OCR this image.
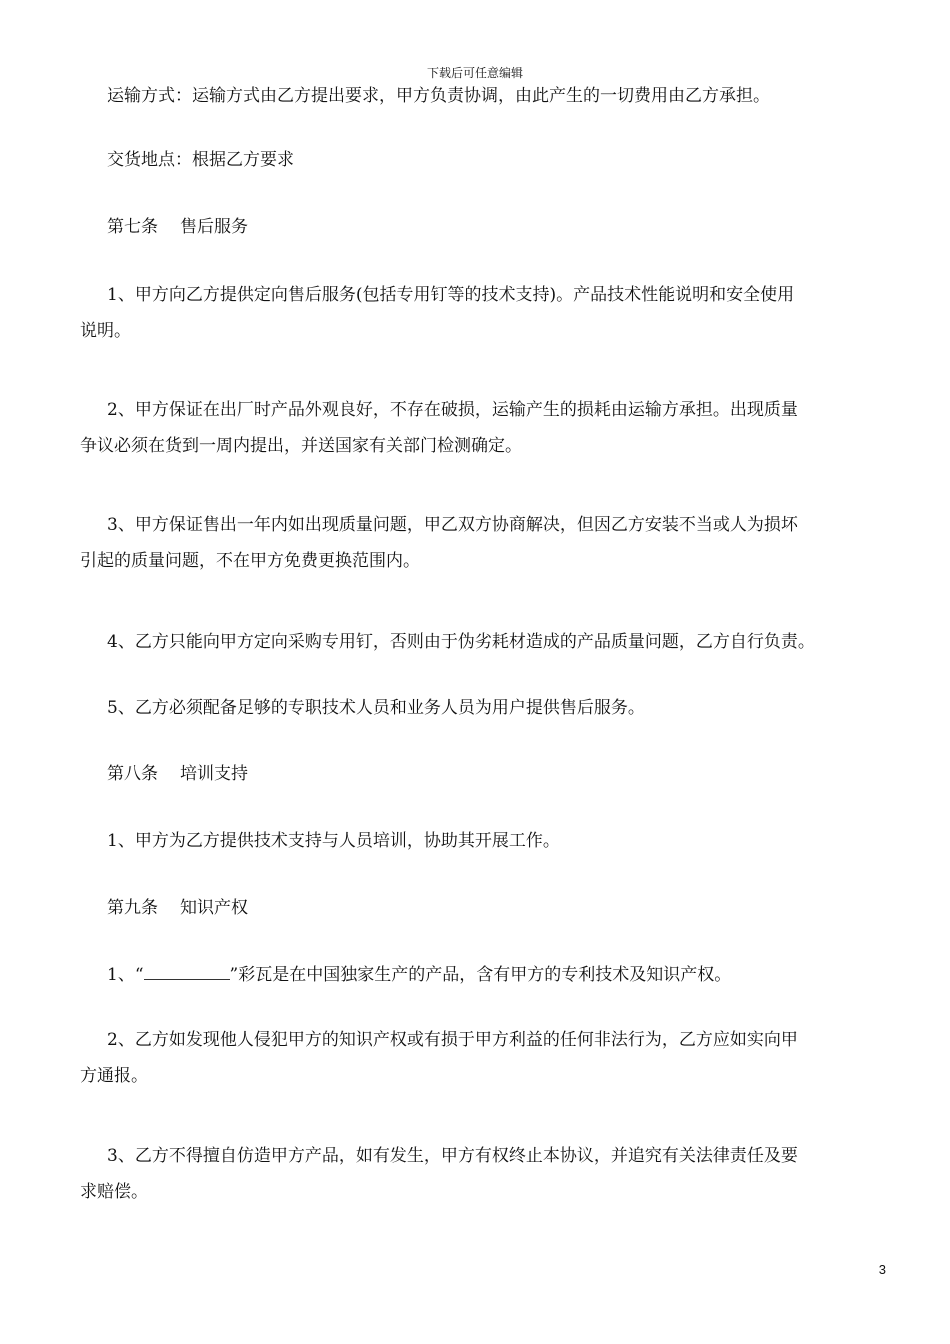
下载后可任意编辑
运输方式：运输方式由乙方提出要求，甲方负责协调，由此产生的一切费用由乙方承担。
交货地点：根据乙方要求
第七条 售后服务
1、甲方向乙方提供定向售后服务(包括专用钉等的技术支持)。产品技术性能说明和安全使用
说明。
2、甲方保证在出厂时产品外观良好，不存在破损，运输产生的损耗由运输方承担。出现质量
争议必须在货到一周内提出，并送国家有关部门检测确定。
3、甲方保证售出一年内如出现质量问题，甲乙双方协商解决，但因乙方安装不当或人为损坏
引起的质量问题，不在甲方免费更换范围内。
4、乙方只能向甲方定向采购专用钉，否则由于伪劣耗材造成的产品质量问题，乙方自行负责。
5、乙方必须配备足够的专职技术人员和业务人员为用户提供售后服务。
第八条 培训支持
1、甲方为乙方提供技术支持与人员培训，协助其开展工作。
第九条 知识产权
1、“	”彩瓦是在中国独家生产的产品，含有甲方的专利技术及知识产权。
2、乙方如发现他人侵犯甲方的知识产权或有损于甲方利益的任何非法行为，乙方应如实向甲
方通报。
3、乙方不得擅自仿造甲方产品，如有发生，甲方有权终止本协议，并追究有关法律责任及要
求赔偿。
3
